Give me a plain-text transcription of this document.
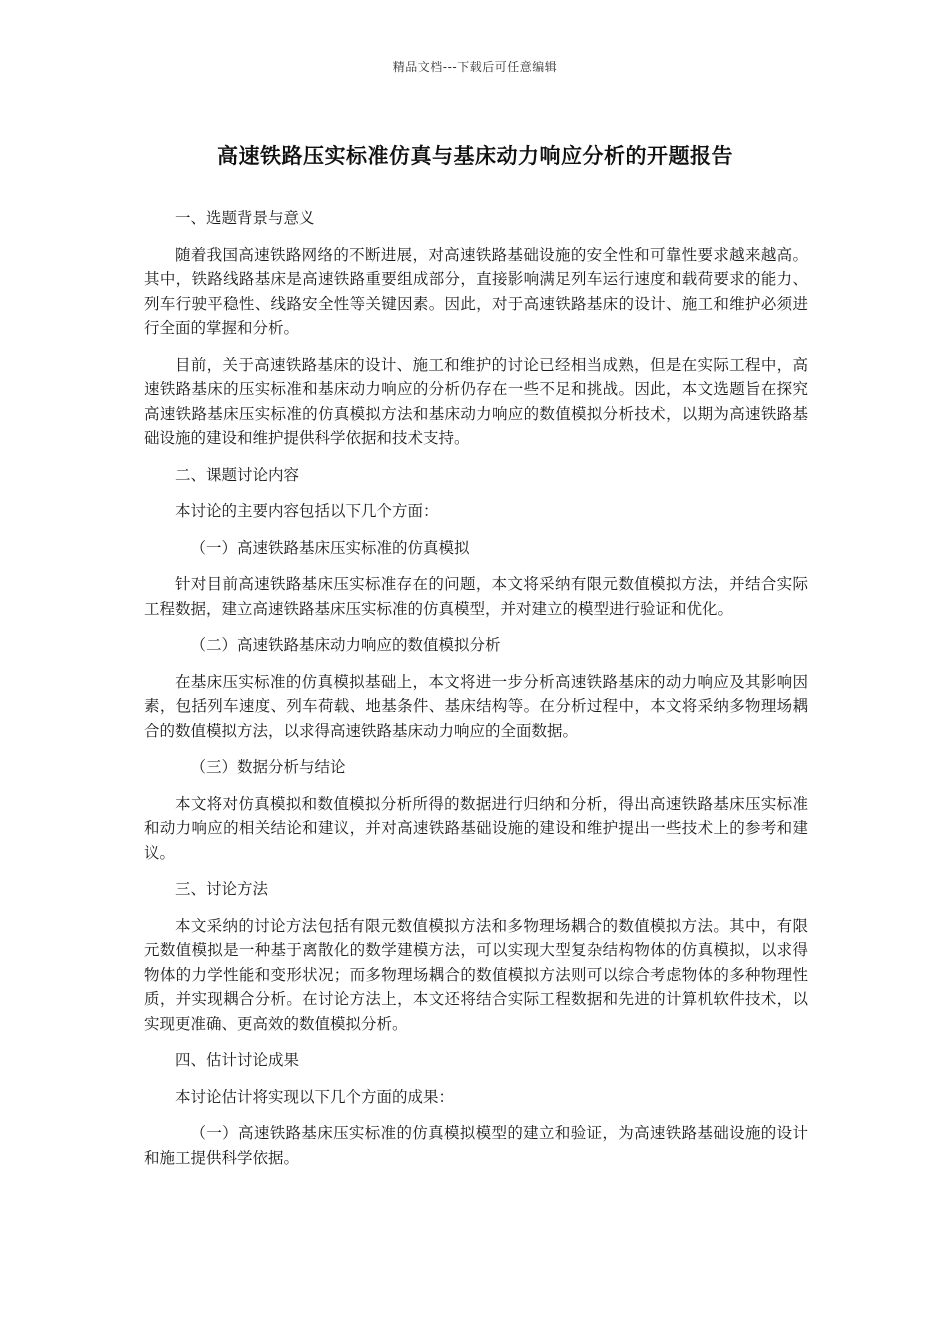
精品文档---下载后可任意编辑
高速铁路压实标准仿真与基床动力响应分析的开题报告

一、选题背景与意义

随着我国高速铁路网络的不断进展，对高速铁路基础设施的安全性和可靠性要求越来越高。其中，铁路线路基床是高速铁路重要组成部分，直接影响满足列车运行速度和载荷要求的能力、列车行驶平稳性、线路安全性等关键因素。因此，对于高速铁路基床的设计、施工和维护必须进行全面的掌握和分析。

目前，关于高速铁路基床的设计、施工和维护的讨论已经相当成熟，但是在实际工程中，高速铁路基床的压实标准和基床动力响应的分析仍存在一些不足和挑战。因此，本文选题旨在探究高速铁路基床压实标准的仿真模拟方法和基床动力响应的数值模拟分析技术，以期为高速铁路基础设施的建设和维护提供科学依据和技术支持。

二、课题讨论内容

本讨论的主要内容包括以下几个方面：

（一）高速铁路基床压实标准的仿真模拟

针对目前高速铁路基床压实标准存在的问题，本文将采纳有限元数值模拟方法，并结合实际工程数据，建立高速铁路基床压实标准的仿真模型，并对建立的模型进行验证和优化。

（二）高速铁路基床动力响应的数值模拟分析

在基床压实标准的仿真模拟基础上，本文将进一步分析高速铁路基床的动力响应及其影响因素，包括列车速度、列车荷载、地基条件、基床结构等。在分析过程中，本文将采纳多物理场耦合的数值模拟方法，以求得高速铁路基床动力响应的全面数据。

（三）数据分析与结论

本文将对仿真模拟和数值模拟分析所得的数据进行归纳和分析，得出高速铁路基床压实标准和动力响应的相关结论和建议，并对高速铁路基础设施的建设和维护提出一些技术上的参考和建议。

三、讨论方法

本文采纳的讨论方法包括有限元数值模拟方法和多物理场耦合的数值模拟方法。其中，有限元数值模拟是一种基于离散化的数学建模方法，可以实现大型复杂结构物体的仿真模拟，以求得物体的力学性能和变形状况；而多物理场耦合的数值模拟方法则可以综合考虑物体的多种物理性质，并实现耦合分析。在讨论方法上，本文还将结合实际工程数据和先进的计算机软件技术，以实现更准确、更高效的数值模拟分析。

四、估计讨论成果

本讨论估计将实现以下几个方面的成果：

（一）高速铁路基床压实标准的仿真模拟模型的建立和验证，为高速铁路基础设施的设计和施工提供科学依据。
